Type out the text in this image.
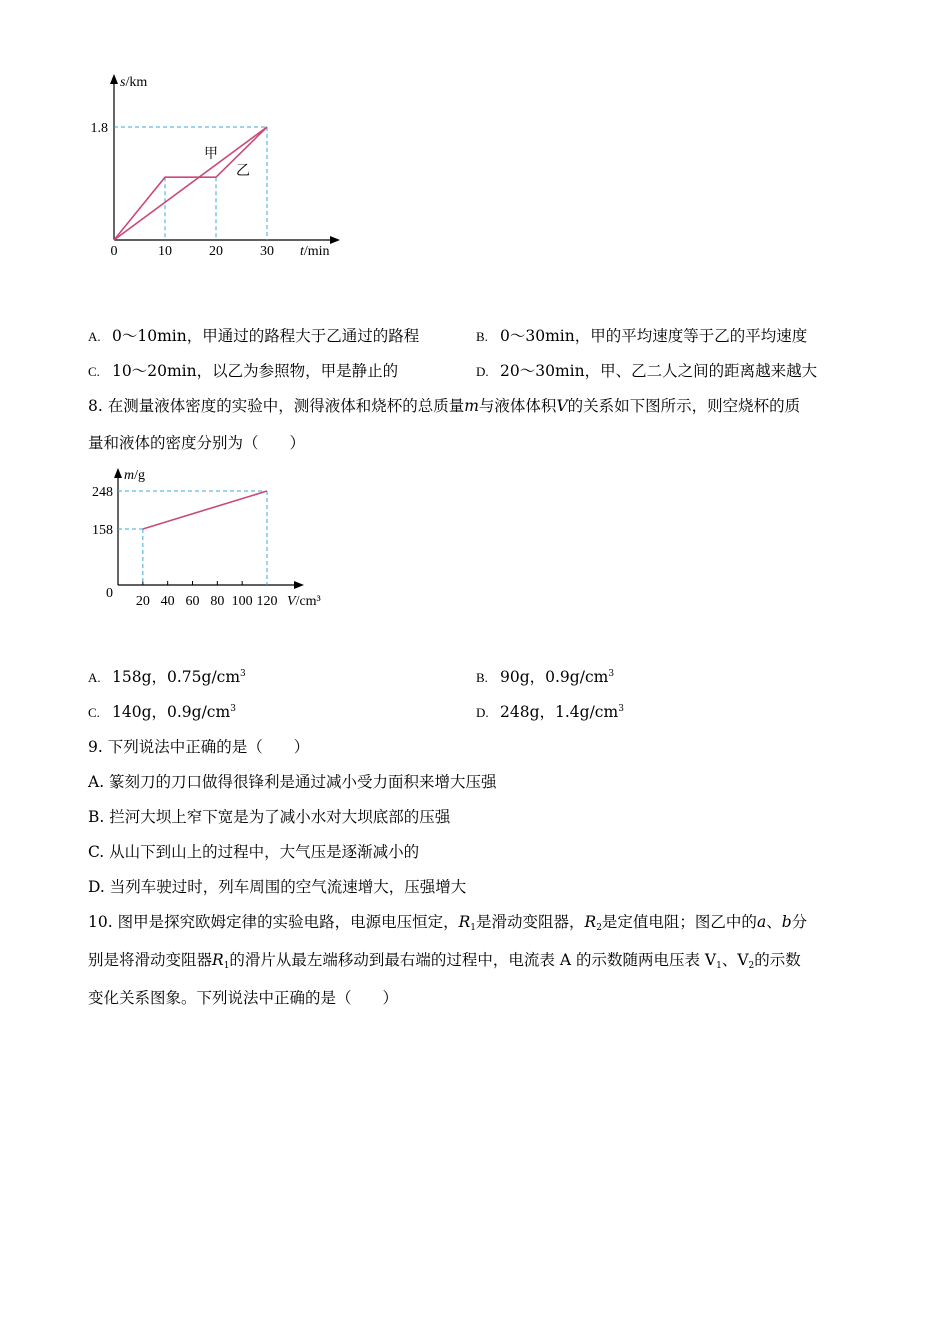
甲
乙
0	10	20	30
1.8
s/km
t/min
A. 0～10min，甲通过的路程大于乙通过的路程	B. 0～30min，甲的平均速度等于乙的平均速度
C. 10～20min，以乙为参照物，甲是静止的	D. 20～30min，甲、乙二人之间的距离越来越大
8. 在测量液体密度的实验中，测得液体和烧杯的总质量m与液体体积V的关系如下图所示，则空烧杯的质
量和液体的密度分别为（　　）
20 40 60 80 100 120
0
158
248
m/g
V/cm³
A. 158g，$0.75g/cm^3$	B. 90g，$0.9g/cm^3$
C. 140g，$0.9g/cm^3$	D. 248g，$1.4g/cm^3$
9. 下列说法中正确的是（　　）
A. 篆刻刀的刀口做得很锋利是通过减小受力面积来增大压强
B. 拦河大坝上窄下宽是为了减小水对大坝底部的压强
C. 从山下到山上的过程中，大气压是逐渐减小的
D. 当列车驶过时，列车周围的空气流速增大，压强增大
10. 图甲是探究欧姆定律的实验电路，电源电压恒定，$R_1$是滑动变阻器，$R_2$是定值电阻；图乙中的a、b分
别是将滑动变阻器$R_1$的滑片从最左端移动到最右端的过程中，电流表 A 的示数随两电压表 $V_1$、$V_2$的示数
变化关系图象。下列说法中正确的是（　　）
